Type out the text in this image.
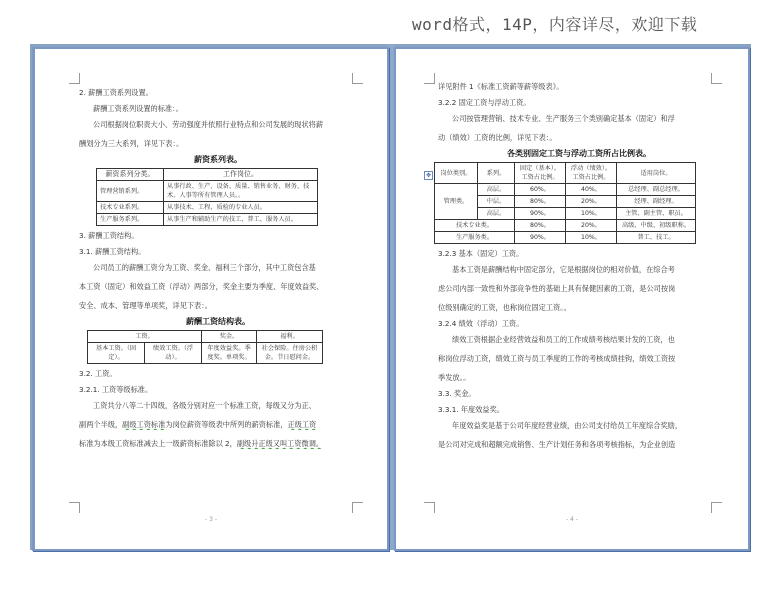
word格式，14P，内容详尽，欢迎下载

2. 薪酬工资系列设置。

薪酬工资系列设置的标准：。

公司根据岗位职责大小、劳动强度并依照行业特点和公司发展的现状将薪

酬划分为三大系列，详见下表：。

薪资系列表。
薪资系列分类。	工作岗位。
管理营销系列。	从事行政、生产、设备、质量、销售业务、财务、技术、人事等所有管理人员。。
技术专业系列。	从事技术、工程、质检的专业人员。
生产服务系列。	从事生产和辅助生产的技工、普工、服务人员。

3. 薪酬工资结构。

3.1. 薪酬工资结构。

公司员工的薪酬工资分为工资、奖金、福利三个部分，其中工资包含基

本工资（固定）和效益工资（浮动）两部分，奖金主要为季度、年度效益奖、

安全、成本、管理等单项奖，详见下表：。

薪酬工资结构表。
工资。		奖金。	福利。
基本工资。（固定）。	绩效工资。（浮动）。	年度效益奖。季度奖。单项奖。	社会保险。住房公积金。节日慰问金。

3.2. 工资。

3.2.1. 工资等级标准。

工资共分八等二十四级，各级分别对应一个标准工资，每级又分为正、

副两个半级，副级工资标准为岗位薪资等级表中所列的薪资标准，正级工资

标准为本级工资标准减去上一级薪资标准除以 2，副级升正级又叫工资微调。

- 3 -
✥

详见附件 1《标准工资薪等薪等级表》。

3.2.2 固定工资与浮动工资。

公司按管理营销、技术专业、生产服务三个类别确定基本（固定）和浮

动（绩效）工资的比例，详见下表：。

各类别固定工资与浮动工资所占比例表。
岗位类别。	系列。	固定（基本）。工资占比例。	浮动（绩效）。工资占比例。	适用岗位。
管理类。	高层。	60%。	40%。	总经理、副总经理。
	中层。	80%。	20%。	经理、副经理。
	高层。	90%。	10%。	主管、副主管、职员。
技术专业类。		80%。	20%。	高级、中级、初级职称。
生产服务类。		90%。	10%。	普工、技工。

3.2.3 基本（固定）工资。

基本工资是薪酬结构中固定部分，它是根据岗位的相对价值，在综合考

虑公司内部一致性和外部竞争性的基础上具有保健因素的工资，是公司按岗

位级别确定的工资，也称岗位固定工资。。

3.2.4 绩效（浮动）工资。

绩效工资根据企业经营效益和员工的工作成绩考核结果计发的工资，也

称岗位浮动工资，绩效工资与员工季度的工作的考核成绩挂钩，绩效工资按

季发放。。

3.3. 奖金。

3.3.1. 年度效益奖。

年度效益奖是基于公司年度经营业绩，由公司支付给员工年度综合奖励，

是公司对完成和超额完成销售、生产计划任务和各项考核指标，为企业创造

- 4 -
